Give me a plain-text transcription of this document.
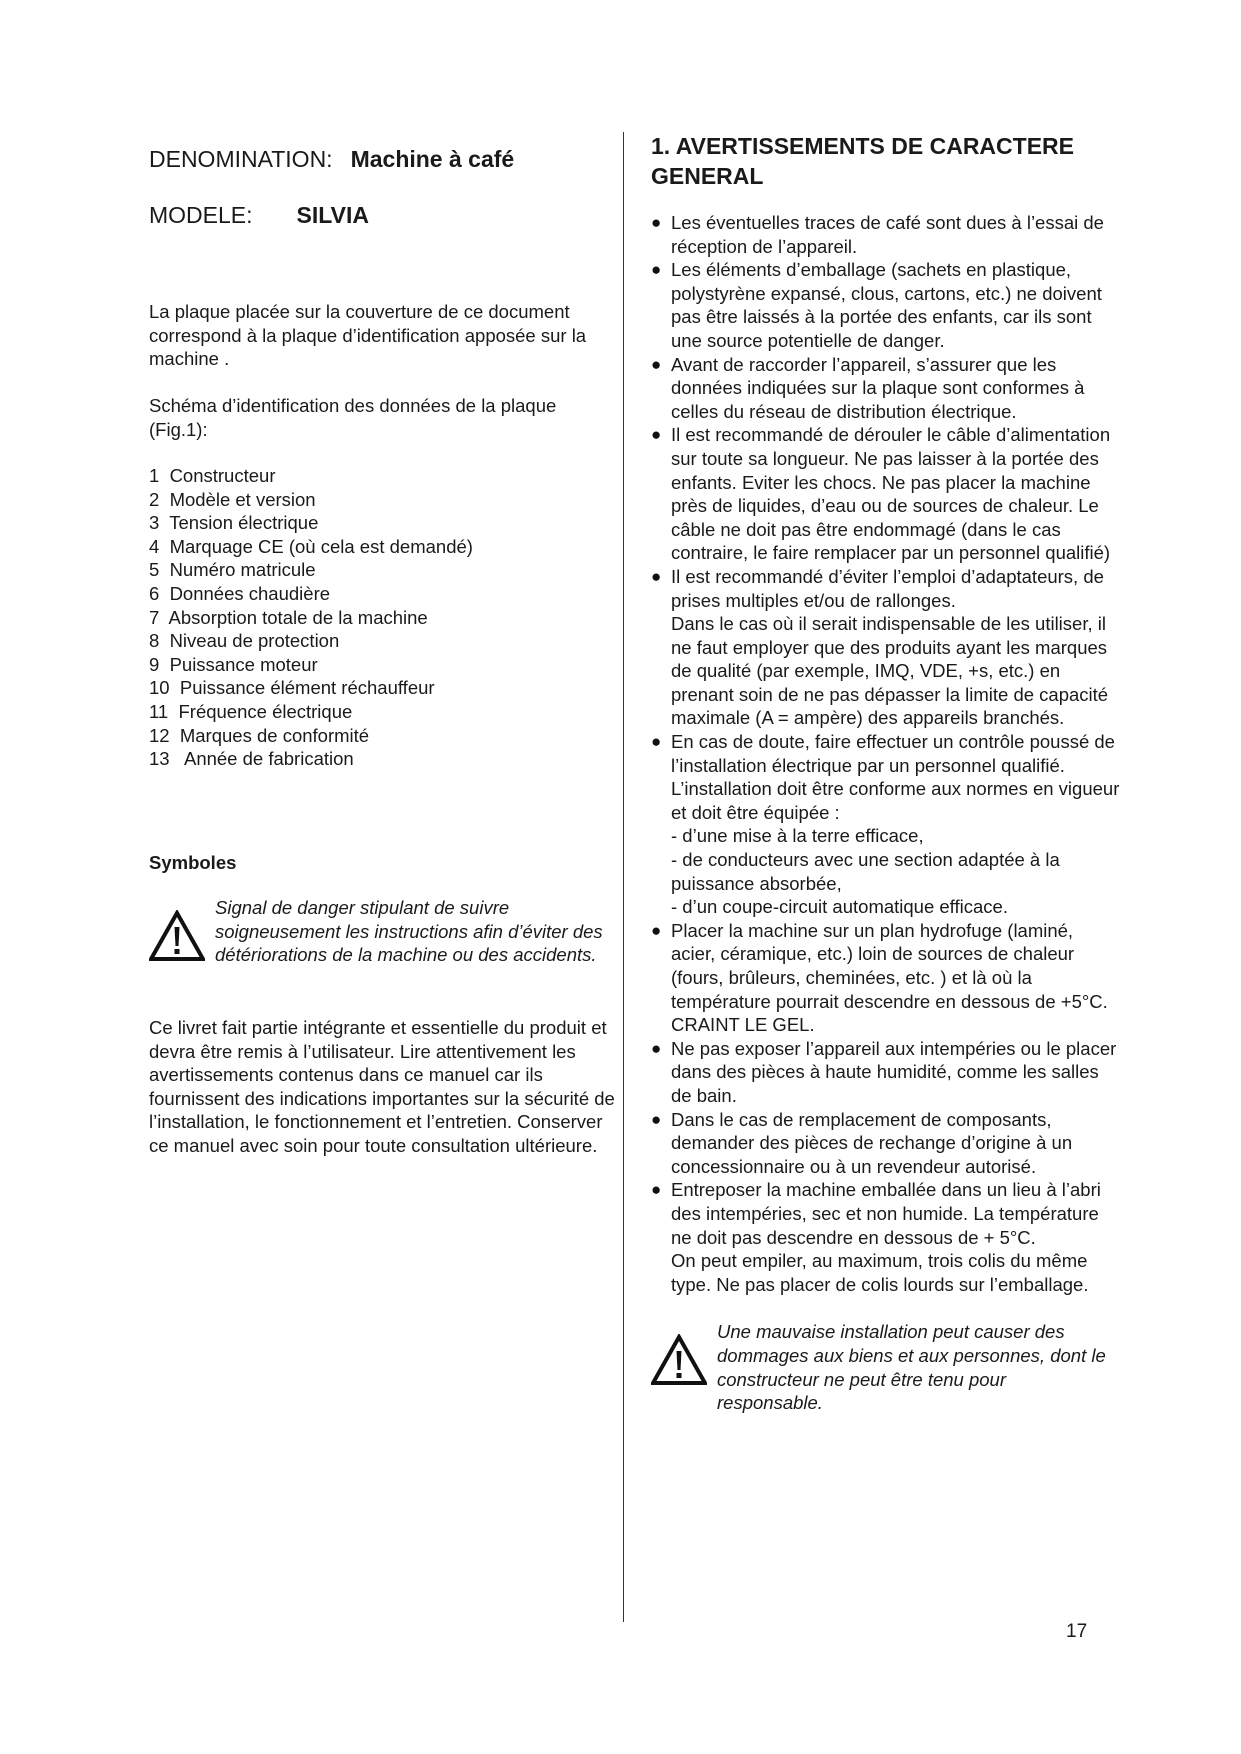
DENOMINATION: Machine à café
MODELE: SILVIA

La plaque placée sur la couverture de ce document correspond à la plaque d’identification apposée sur la machine .

Schéma d’identification des données de la plaque (Fig.1):

1  Constructeur
2  Modèle et version
3  Tension électrique
4  Marquage CE (où cela est demandé)
5  Numéro matricule
6  Données chaudière
7  Absorption totale de la machine
8  Niveau de protection
9  Puissance moteur
10  Puissance élément réchauffeur
11  Fréquence électrique
12  Marques de conformité
13   Année de fabrication

Symboles

Signal de danger stipulant de suivre soigneusement les instructions afin d’éviter des détériorations de la machine ou des accidents.

Ce livret fait partie intégrante et essentielle du produit et devra être remis à l’utilisateur. Lire attentivement les avertissements contenus dans ce manuel car ils fournissent des indications importantes sur la sécurité de l’installation, le fonctionnement et l’entretien. Conserver ce manuel avec soin pour toute consultation ultérieure.

1. AVERTISSEMENTS DE CARACTERE
GENERAL
● Les éventuelles traces de café sont dues à l’essai de réception de l’appareil.
● Les éléments d’emballage (sachets en plastique, polystyrène expansé, clous, cartons, etc.) ne doivent pas être laissés à la portée des enfants, car ils sont une source potentielle de danger.
● Avant de raccorder l’appareil, s’assurer que les données indiquées sur la plaque sont conformes à celles du réseau de distribution électrique.
● Il est recommandé de dérouler le câble d’alimentation sur toute sa longueur. Ne pas laisser à la portée des enfants. Eviter les chocs. Ne pas placer la machine près de liquides, d’eau ou de sources de chaleur. Le câble ne doit pas être endommagé (dans le cas contraire, le faire remplacer par un personnel qualifié)
● Il est recommandé d’éviter l’emploi d’adaptateurs, de prises multiples et/ou de rallonges.
Dans le cas où il serait indispensable de les utiliser, il ne faut employer que des produits ayant les marques de qualité (par exemple, IMQ, VDE, +s, etc.) en prenant soin de ne pas dépasser la limite de capacité maximale (A = ampère) des appareils branchés.
● En cas de doute, faire effectuer un contrôle poussé de l’installation électrique par un personnel qualifié. L’installation doit être conforme aux normes en vigueur et doit être équipée :
- d’une mise à la terre efficace,
- de conducteurs avec une section adaptée à la puissance absorbée,
- d’un coupe-circuit automatique efficace.
● Placer la machine sur un plan hydrofuge (laminé, acier, céramique, etc.) loin de sources de chaleur (fours, brûleurs, cheminées, etc. ) et là où la température pourrait descendre en dessous de +5°C. CRAINT LE GEL.
● Ne pas exposer l’appareil aux intempéries ou le placer dans des pièces à haute humidité, comme les salles de bain.
● Dans le cas de remplacement de composants, demander des pièces de rechange d’origine à un concessionnaire ou à un revendeur autorisé.
● Entreposer la machine emballée dans un lieu à l’abri des intempéries, sec et non humide. La température ne doit pas descendre en dessous de + 5°C.
On peut empiler, au maximum, trois colis du même type. Ne pas placer de colis lourds sur l’emballage.

Une mauvaise installation peut causer des dommages aux biens et aux personnes, dont le constructeur ne peut être tenu pour responsable.

17
